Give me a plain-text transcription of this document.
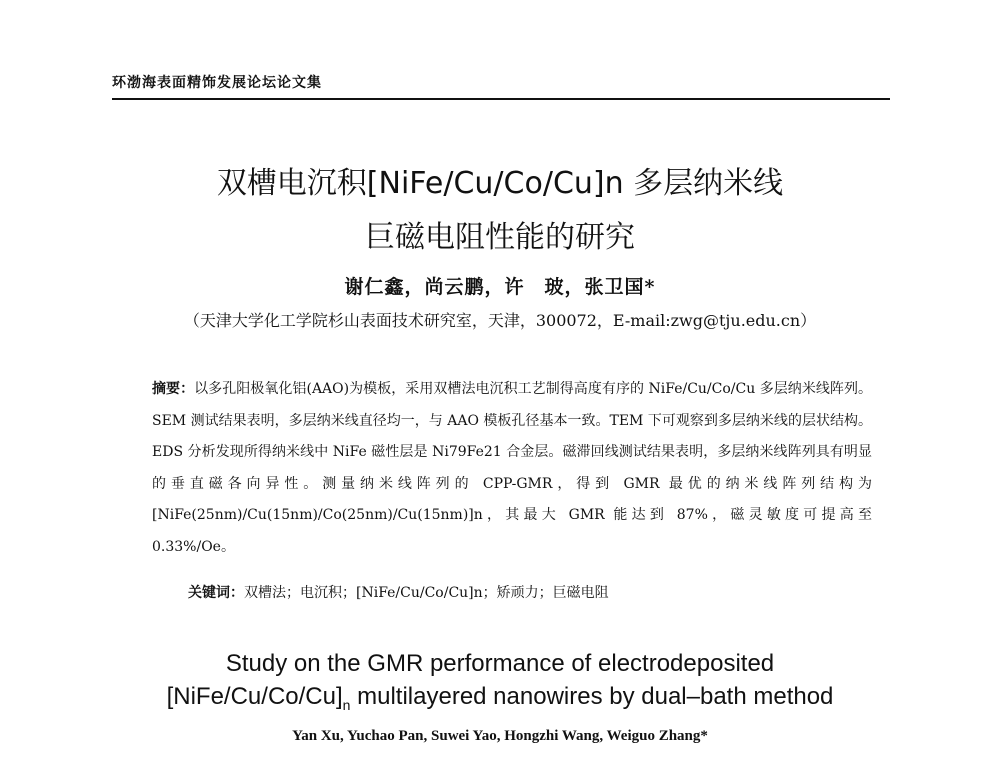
环渤海表面精饰发展论坛论文集
双槽电沉积[NiFe/Cu/Co/Cu]n 多层纳米线
巨磁电阻性能的研究
谢仁鑫，尚云鹏，许　玻，张卫国*
（天津大学化工学院杉山表面技术研究室，天津，300072，E-mail:zwg@tju.edu.cn）
摘要：以多孔阳极氧化铝(AAO)为模板，采用双槽法电沉积工艺制得高度有序的 NiFe/Cu/Co/Cu 多层纳米线阵列。SEM 测试结果表明，多层纳米线直径均一，与 AAO 模板孔径基本一致。TEM 下可观察到多层纳米线的层状结构。EDS 分析发现所得纳米线中 NiFe 磁性层是 Ni79Fe21 合金层。磁滞回线测试结果表明，多层纳米线阵列具有明显的垂直磁各向异性。测量纳米线阵列的 CPP-GMR，得到 GMR 最优的纳米线阵列结构为[NiFe(25nm)/Cu(15nm)/Co(25nm)/Cu(15nm)]n，其最大 GMR 能达到 87%，磁灵敏度可提高至 0.33%/Oe。
关键词：双槽法；电沉积；[NiFe/Cu/Co/Cu]n；矫顽力；巨磁电阻
Study on the GMR performance of electrodeposited
$[NiFe/Cu/Co/Cu]_n$ multilayered nanowires by dual–bath method
Yan Xu, Yuchao Pan, Suwei Yao, Hongzhi Wang, Weiguo Zhang*
